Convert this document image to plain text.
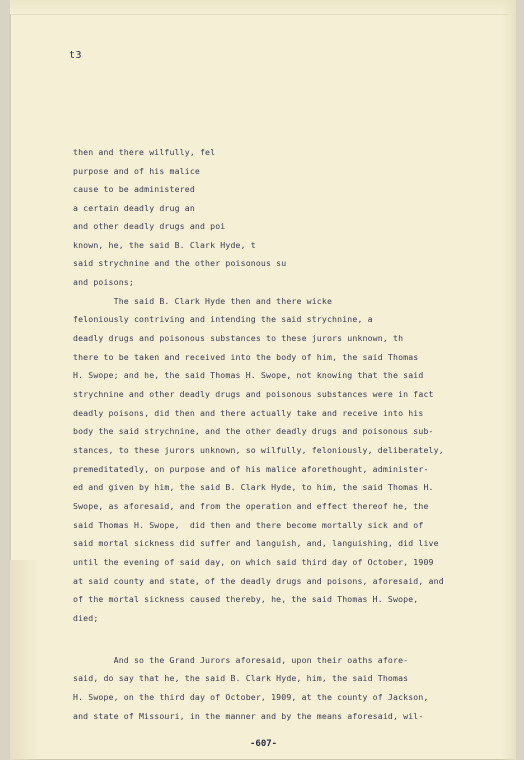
t3
then and there wilfully, fel
purpose and of his malice
cause to be administered
a certain deadly drug an
and other deadly drugs and poi
known, he, the said B. Clark Hyde, t
said strychnine and the other poisonous su
and poisons;
The said B. Clark Hyde then and there wicke
feloniously contriving and intending the said strychnine, a
deadly drugs and poisonous substances to these jurors unknown, th
there to be taken and received into the body of him, the said Thomas
H. Swope; and he, the said Thomas H. Swope, not knowing that the said
strychnine and other deadly drugs and poisonous substances were in fact
deadly poisons, did then and there actually take and receive into his
body the said strychnine, and the other deadly drugs and poisonous sub-
stances, to these jurors unknown, so wilfully, feloniously, deliberately,
premeditatedly, on purpose and of his malice aforethought, administer-
ed and given by him, the said B. Clark Hyde, to him, the said Thomas H.
Swope, as aforesaid, and from the operation and effect thereof he, the
said Thomas H. Swope,  did then and there become mortally sick and of
said mortal sickness did suffer and languish, and, languishing, did live
until the evening of said day, on which said third day of October, 1909
at said county and state, of the deadly drugs and poisons, aforesaid, and
of the mortal sickness caused thereby, he, the said Thomas H. Swope,
died;
And so the Grand Jurors aforesaid, upon their oaths afore-
said, do say that he, the said B. Clark Hyde, him, the said Thomas
H. Swope, on the third day of October, 1909, at the county of Jackson,
and state of Missouri, in the manner and by the means aforesaid, wil-
-607-
